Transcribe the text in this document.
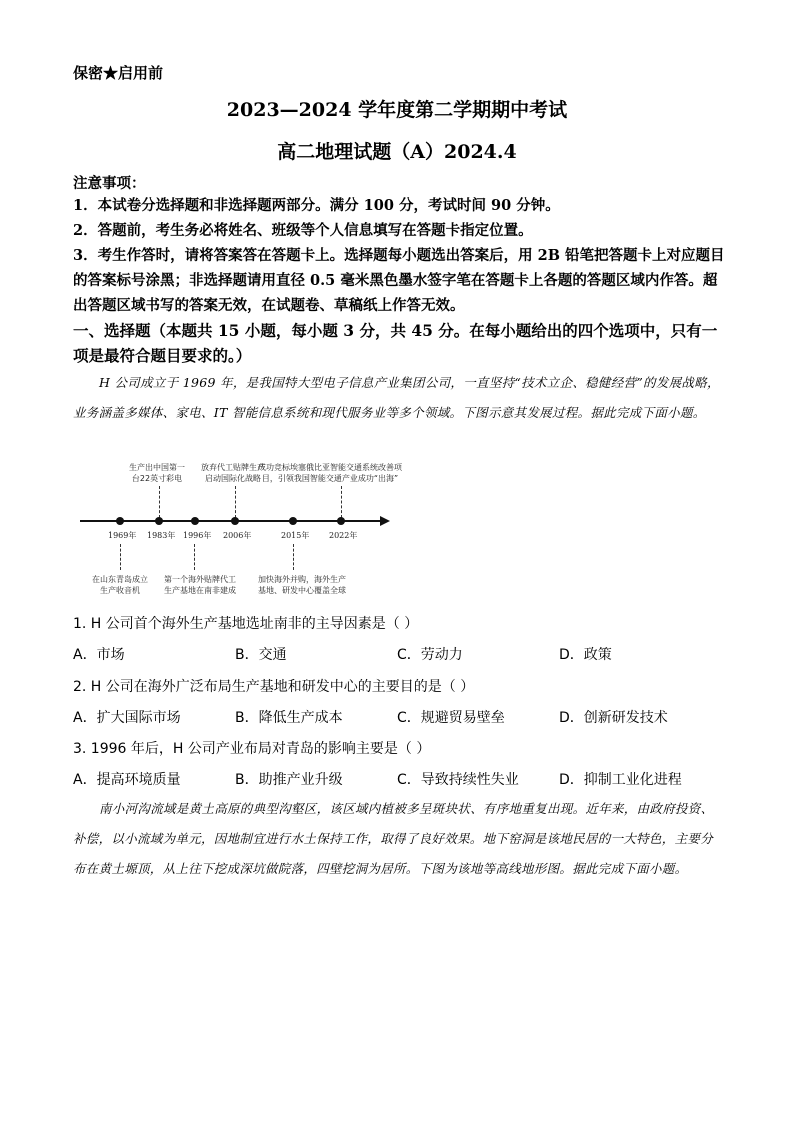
保密★启用前
2023—2024 学年度第二学期期中考试
高二地理试题（A）2024.4
注意事项：
1．本试卷分选择题和非选择题两部分。满分 100 分，考试时间 90 分钟。
2．答题前，考生务必将姓名、班级等个人信息填写在答题卡指定位置。
3．考生作答时，请将答案答在答题卡上。选择题每小题选出答案后，用 2B 铅笔把答题卡上对应题目的答案标号涂黑；非选择题请用直径 0.5 毫米黑色墨水签字笔在答题卡上各题的答题区域内作答。超出答题区域书写的答案无效，在试题卷、草稿纸上作答无效。
一、选择题（本题共 15 小题，每小题 3 分，共 45 分。在每小题给出的四个选项中，只有一项是最符合题目要求的。）
H 公司成立于 1969 年，是我国特大型电子信息产业集团公司，一直坚持“技术立企、稳健经营”的发展战略，业务涵盖多媒体、家电、IT 智能信息系统和现代服务业等多个领域。下图示意其发展过程。据此完成下面小题。
生产出中国第一
台22英寸彩电
放弃代工贴牌生产
启动国际化战略
成功竞标埃塞俄比亚智能交通系统改善项
目，引领我国智能交通产业成功“出海”
1969年 1983年 1996年 2006年	2015年 2022年
在山东青岛成立
生产收音机
第一个海外贴牌代工
生产基地在南非建成
加快海外并购，海外生产
基地、研发中心覆盖全球
1. H 公司首个海外生产基地选址南非的主导因素是（ ）
A．市场	B．交通	C．劳动力	D．政策
2. H 公司在海外广泛布局生产基地和研发中心的主要目的是（ ）
A．扩大国际市场	B．降低生产成本	C．规避贸易壁垒	D．创新研发技术
3. 1996 年后，H 公司产业布局对青岛的影响主要是（ ）
A．提高环境质量	B．助推产业升级	C．导致持续性失业	D．抑制工业化进程
南小河沟流域是黄土高原的典型沟壑区，该区域内植被多呈斑块状、有序地重复出现。近年来，由政府投资、补偿，以小流域为单元，因地制宜进行水土保持工作，取得了良好效果。地下窑洞是该地民居的一大特色，主要分布在黄土塬顶，从上往下挖成深坑做院落，四壁挖洞为居所。下图为该地等高线地形图。据此完成下面小题。
